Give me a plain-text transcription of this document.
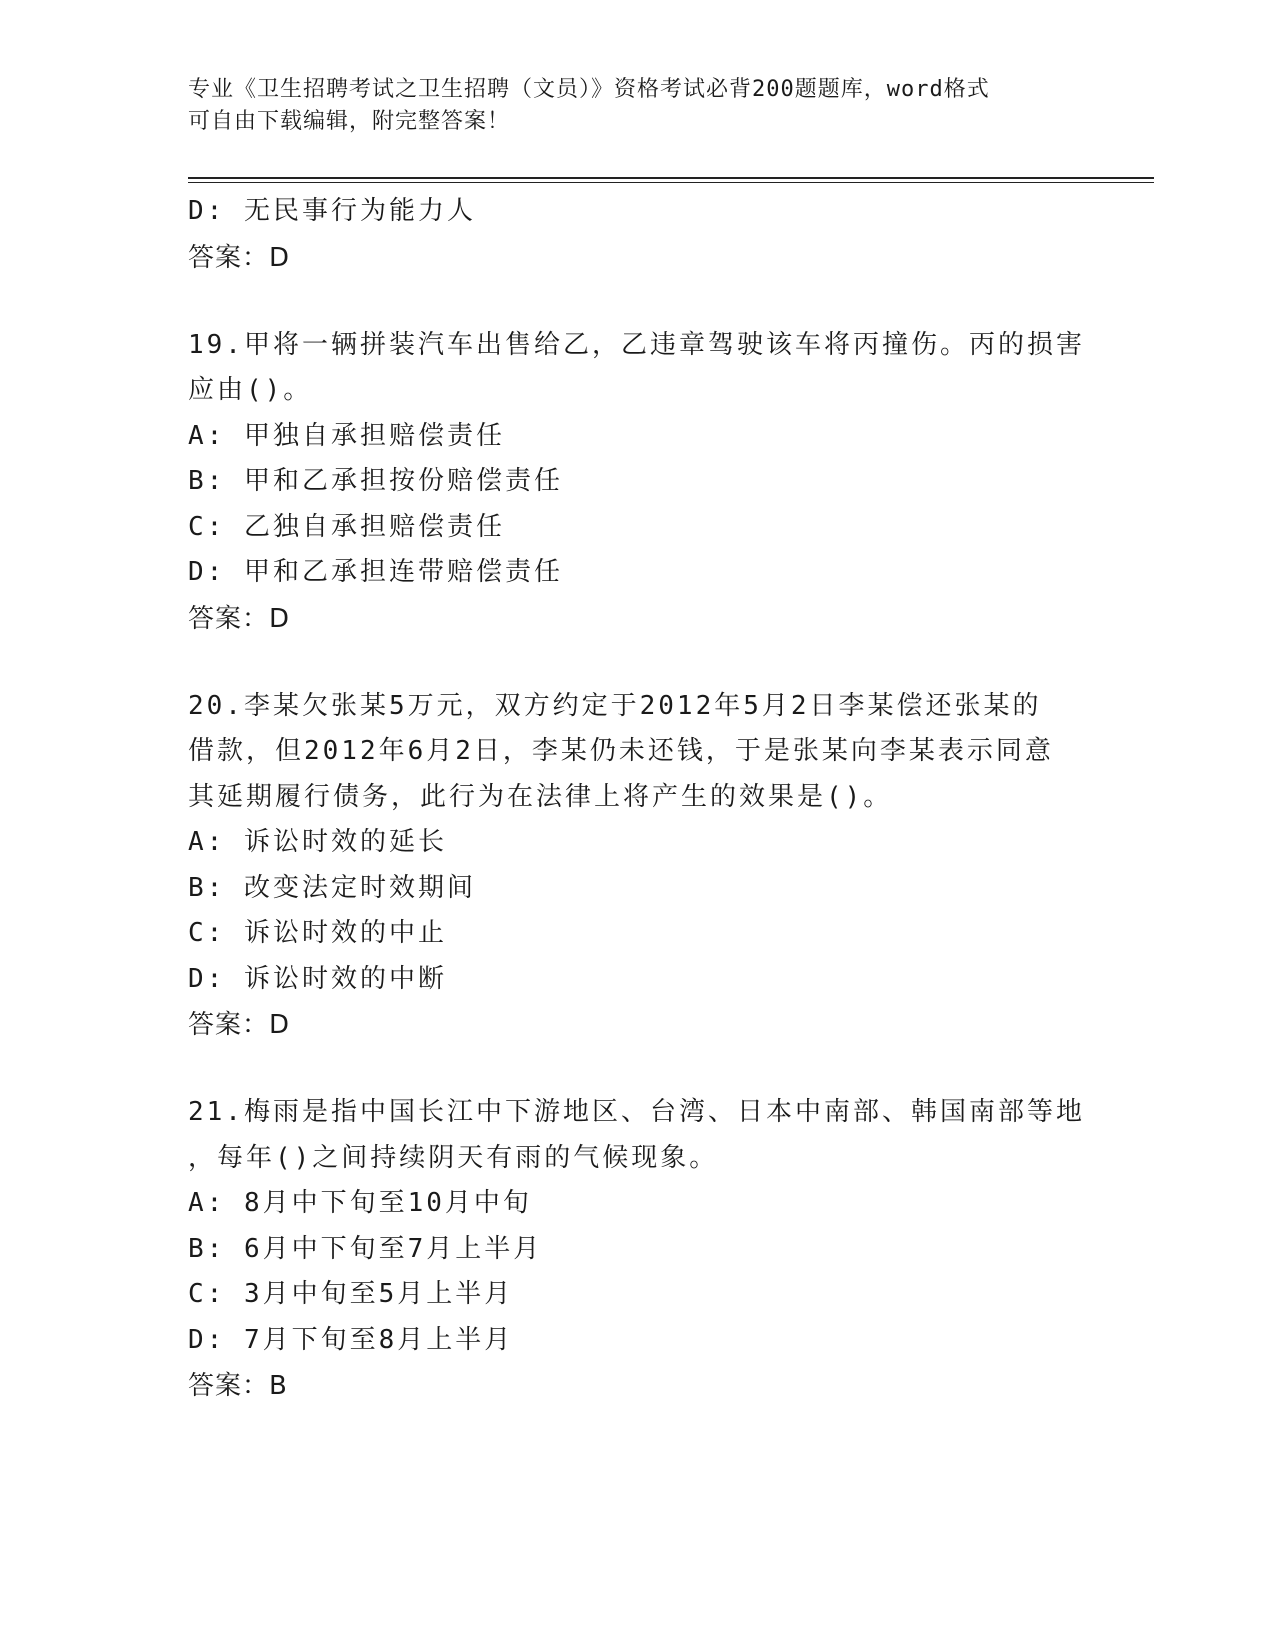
专业《卫生招聘考试之卫生招聘（文员）》资格考试必背200题题库，word格式
可自由下载编辑，附完整答案！
D: 无民事行为能力人
答案：D
19.甲将一辆拼装汽车出售给乙，乙违章驾驶该车将丙撞伤。丙的损害
应由()。
A: 甲独自承担赔偿责任
B: 甲和乙承担按份赔偿责任
C: 乙独自承担赔偿责任
D: 甲和乙承担连带赔偿责任
答案：D
20.李某欠张某5万元，双方约定于2012年5月2日李某偿还张某的
借款，但2012年6月2日，李某仍未还钱，于是张某向李某表示同意
其延期履行债务，此行为在法律上将产生的效果是()。
A: 诉讼时效的延长
B: 改变法定时效期间
C: 诉讼时效的中止
D: 诉讼时效的中断
答案：D
21.梅雨是指中国长江中下游地区、台湾、日本中南部、韩国南部等地
，每年()之间持续阴天有雨的气候现象。
A: 8月中下旬至10月中旬
B: 6月中下旬至7月上半月
C: 3月中旬至5月上半月
D: 7月下旬至8月上半月
答案：B
